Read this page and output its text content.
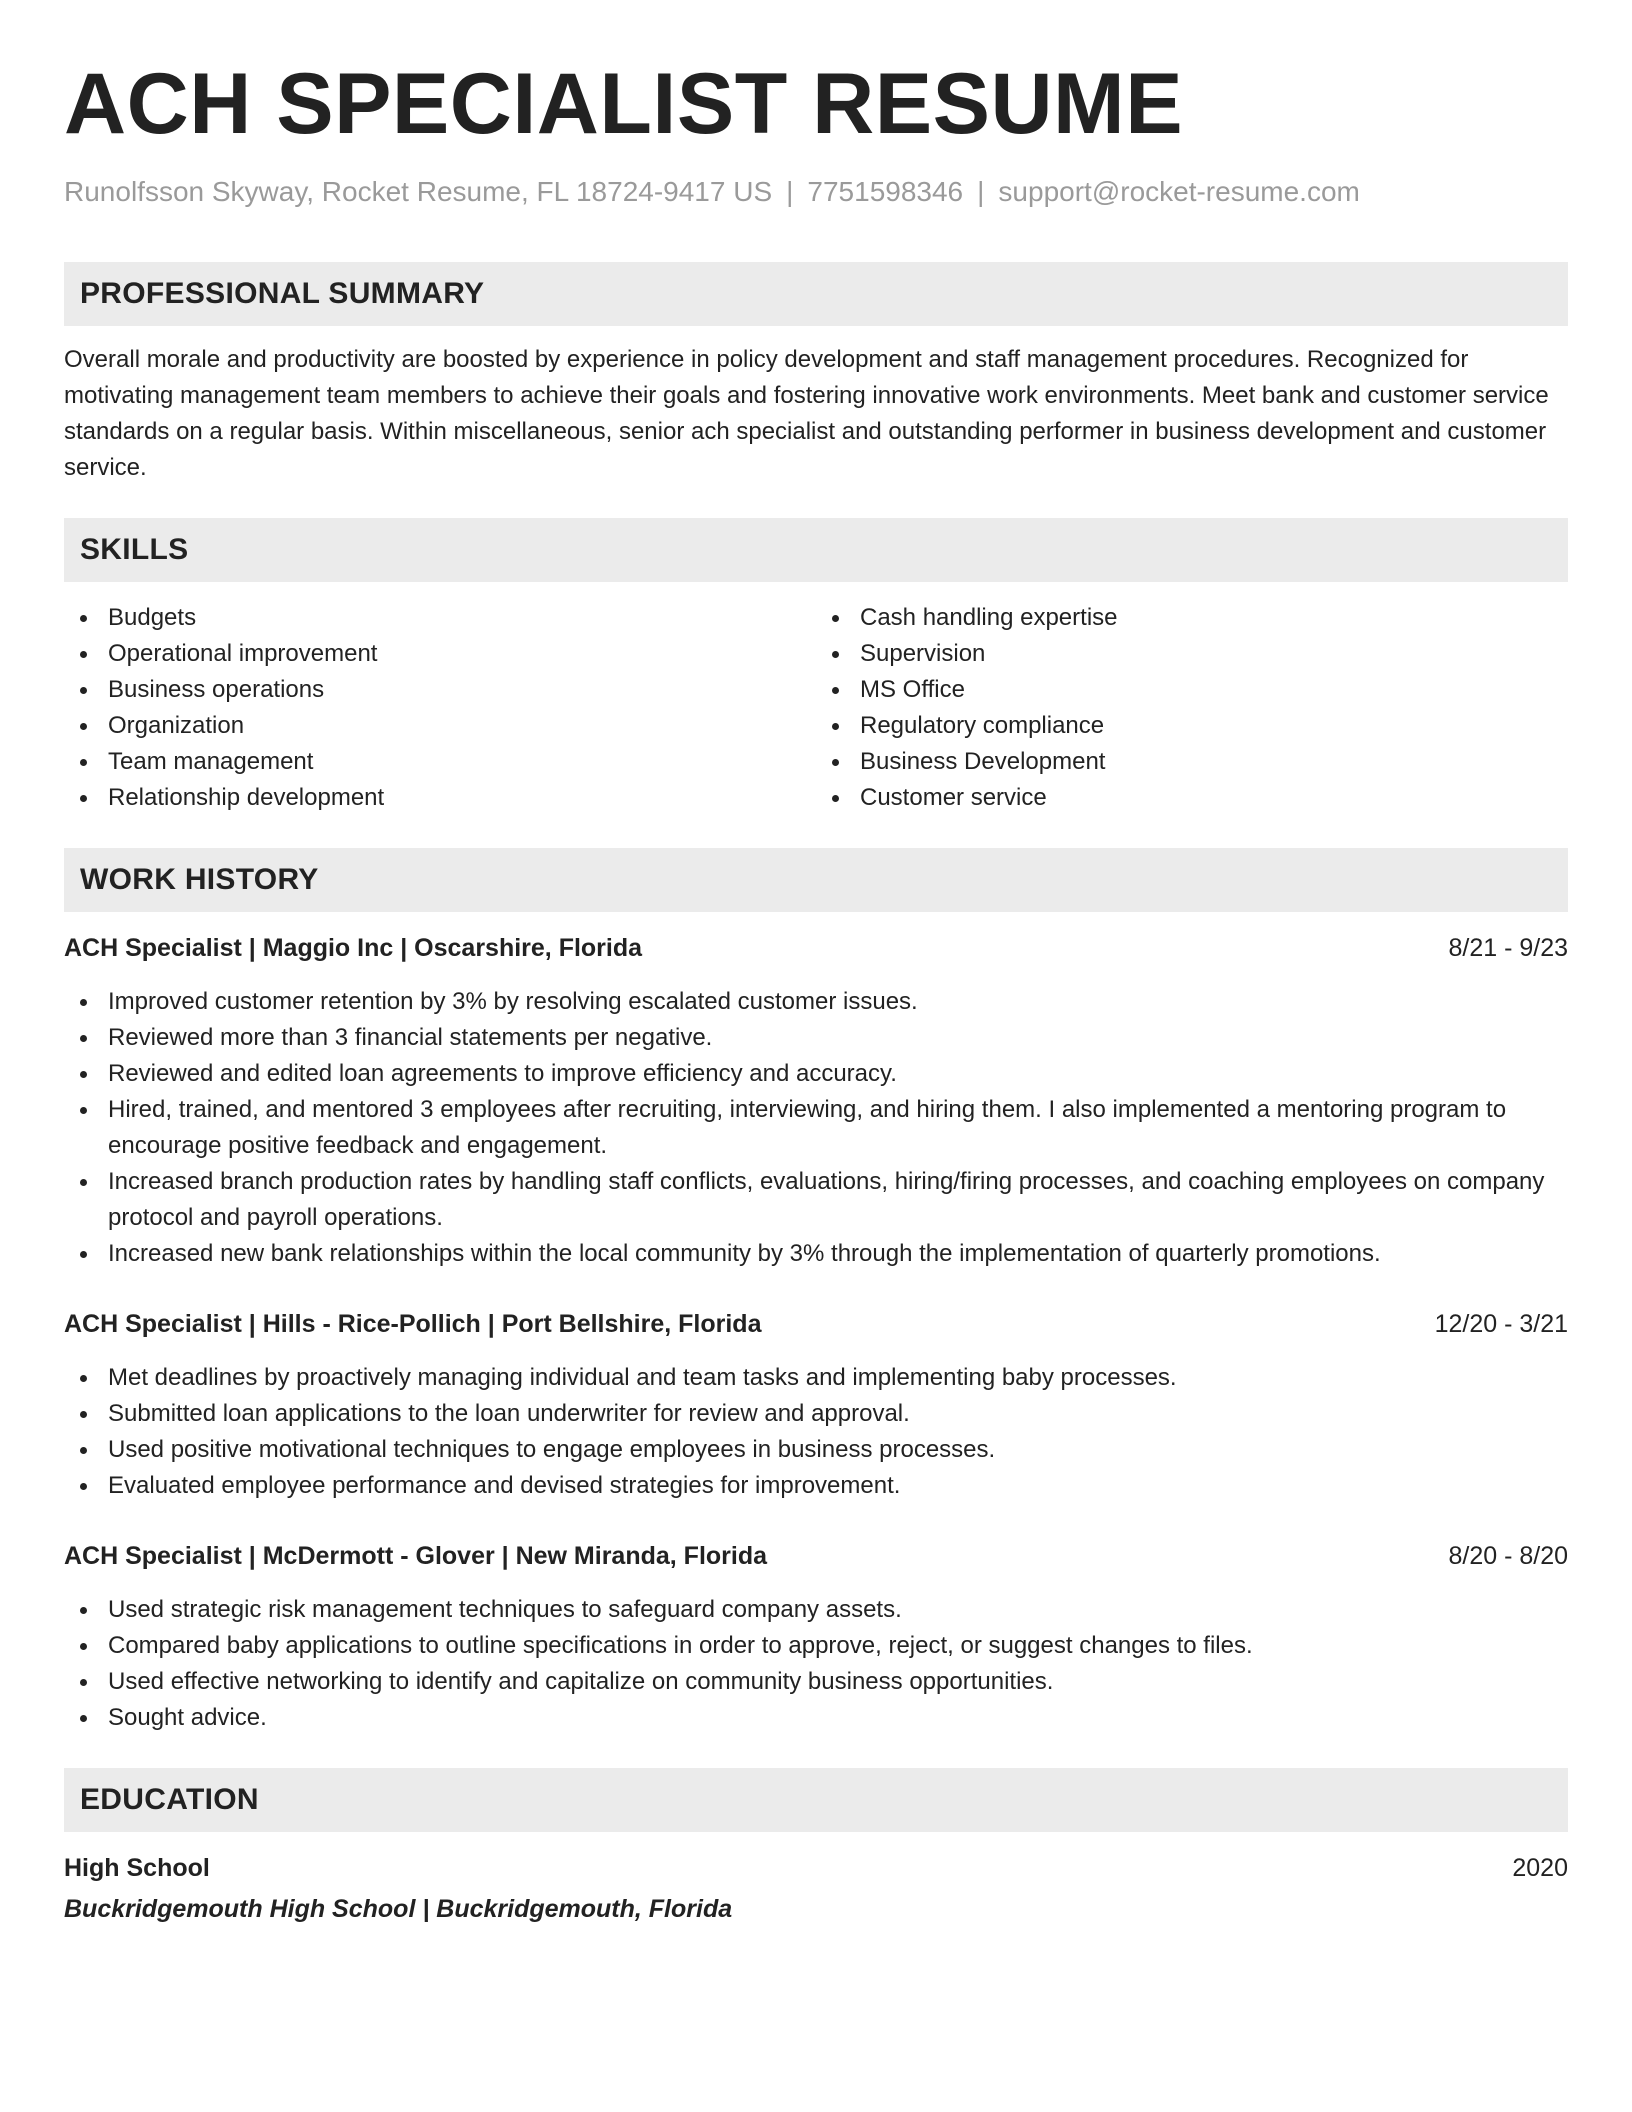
ACH SPECIALIST RESUME
Runolfsson Skyway, Rocket Resume, FL 18724-9417 US | 7751598346 | support@rocket-resume.com
PROFESSIONAL SUMMARY
Overall morale and productivity are boosted by experience in policy development and staff management procedures. Recognized for motivating management team members to achieve their goals and fostering innovative work environments. Meet bank and customer service standards on a regular basis. Within miscellaneous, senior ach specialist and outstanding performer in business development and customer service.
SKILLS
Budgets
Operational improvement
Business operations
Organization
Team management
Relationship development
Cash handling expertise
Supervision
MS Office
Regulatory compliance
Business Development
Customer service
WORK HISTORY
ACH Specialist | Maggio Inc | Oscarshire, Florida	8/21 - 9/23
Improved customer retention by 3% by resolving escalated customer issues.
Reviewed more than 3 financial statements per negative.
Reviewed and edited loan agreements to improve efficiency and accuracy.
Hired, trained, and mentored 3 employees after recruiting, interviewing, and hiring them. I also implemented a mentoring program to encourage positive feedback and engagement.
Increased branch production rates by handling staff conflicts, evaluations, hiring/firing processes, and coaching employees on company protocol and payroll operations.
Increased new bank relationships within the local community by 3% through the implementation of quarterly promotions.
ACH Specialist | Hills - Rice-Pollich | Port Bellshire, Florida	12/20 - 3/21
Met deadlines by proactively managing individual and team tasks and implementing baby processes.
Submitted loan applications to the loan underwriter for review and approval.
Used positive motivational techniques to engage employees in business processes.
Evaluated employee performance and devised strategies for improvement.
ACH Specialist | McDermott - Glover | New Miranda, Florida	8/20 - 8/20
Used strategic risk management techniques to safeguard company assets.
Compared baby applications to outline specifications in order to approve, reject, or suggest changes to files.
Used effective networking to identify and capitalize on community business opportunities.
Sought advice.
EDUCATION
High School	2020
Buckridgemouth High School | Buckridgemouth, Florida
